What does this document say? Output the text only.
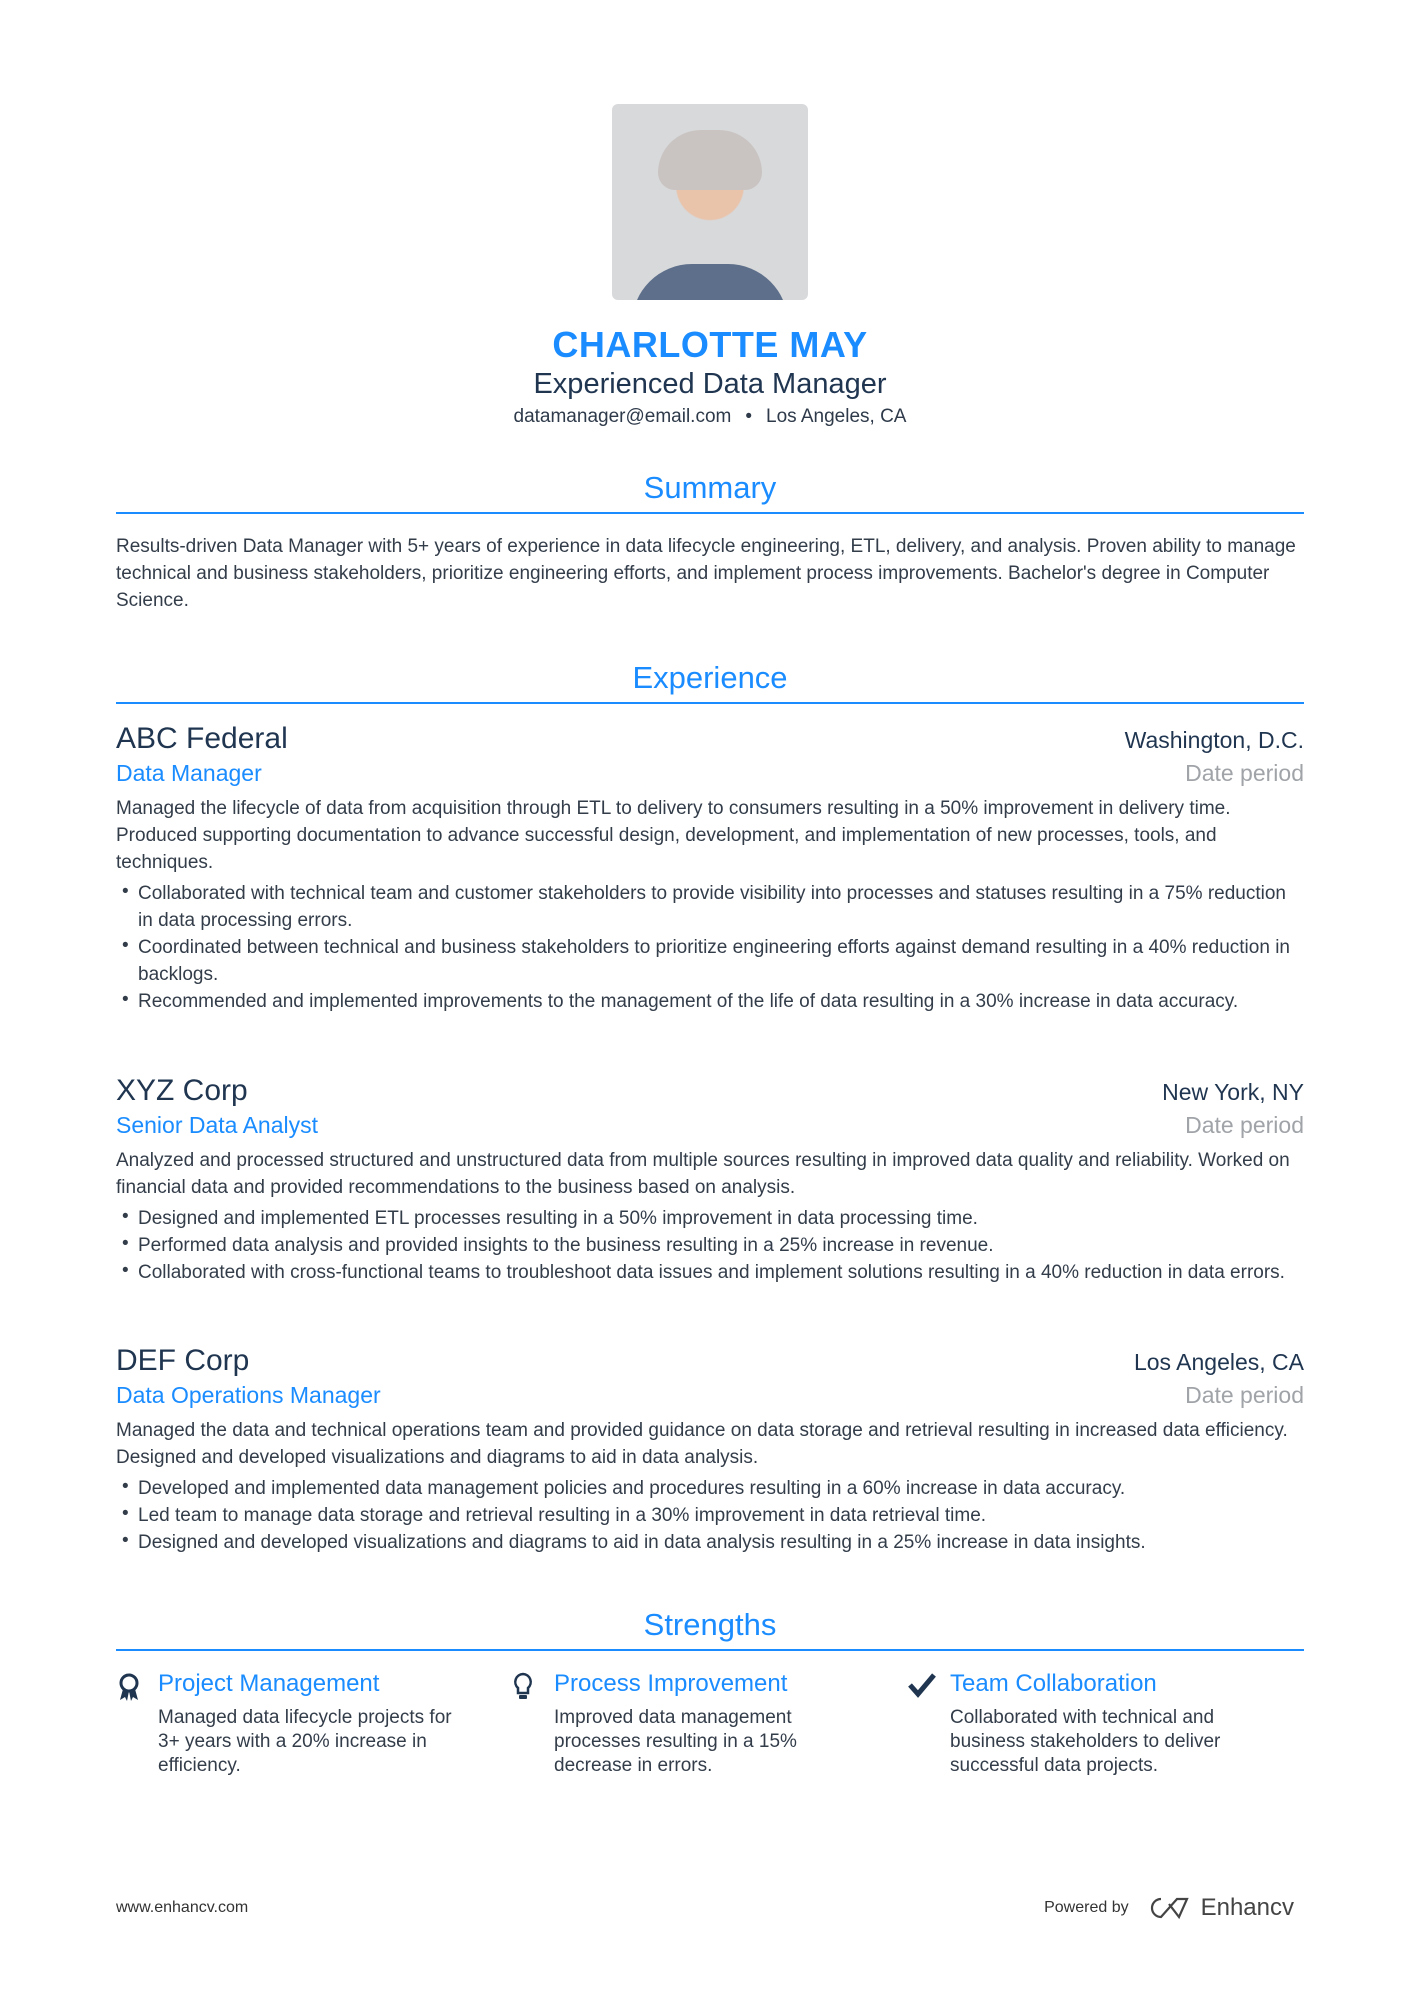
CHARLOTTE MAY
Experienced Data Manager
datamanager@email.com • Los Angeles, CA
Summary
Results-driven Data Manager with 5+ years of experience in data lifecycle engineering, ETL, delivery, and analysis. Proven ability to manage technical and business stakeholders, prioritize engineering efforts, and implement process improvements. Bachelor's degree in Computer Science.
Experience
ABC Federal	Washington, D.C.
Data Manager	Date period
Managed the lifecycle of data from acquisition through ETL to delivery to consumers resulting in a 50% improvement in delivery time. Produced supporting documentation to advance successful design, development, and implementation of new processes, tools, and techniques.
• Collaborated with technical team and customer stakeholders to provide visibility into processes and statuses resulting in a 75% reduction in data processing errors.
• Coordinated between technical and business stakeholders to prioritize engineering efforts against demand resulting in a 40% reduction in backlogs.
• Recommended and implemented improvements to the management of the life of data resulting in a 30% increase in data accuracy.
XYZ Corp	New York, NY
Senior Data Analyst	Date period
Analyzed and processed structured and unstructured data from multiple sources resulting in improved data quality and reliability. Worked on financial data and provided recommendations to the business based on analysis.
• Designed and implemented ETL processes resulting in a 50% improvement in data processing time.
• Performed data analysis and provided insights to the business resulting in a 25% increase in revenue.
• Collaborated with cross-functional teams to troubleshoot data issues and implement solutions resulting in a 40% reduction in data errors.
DEF Corp	Los Angeles, CA
Data Operations Manager	Date period
Managed the data and technical operations team and provided guidance on data storage and retrieval resulting in increased data efficiency. Designed and developed visualizations and diagrams to aid in data analysis.
• Developed and implemented data management policies and procedures resulting in a 60% increase in data accuracy.
• Led team to manage data storage and retrieval resulting in a 30% improvement in data retrieval time.
• Designed and developed visualizations and diagrams to aid in data analysis resulting in a 25% increase in data insights.
Strengths
Project Management
Managed data lifecycle projects for 3+ years with a 20% increase in efficiency.
Process Improvement
Improved data management processes resulting in a 15% decrease in errors.
Team Collaboration
Collaborated with technical and business stakeholders to deliver successful data projects.
www.enhancv.com	Powered by	Enhancv
